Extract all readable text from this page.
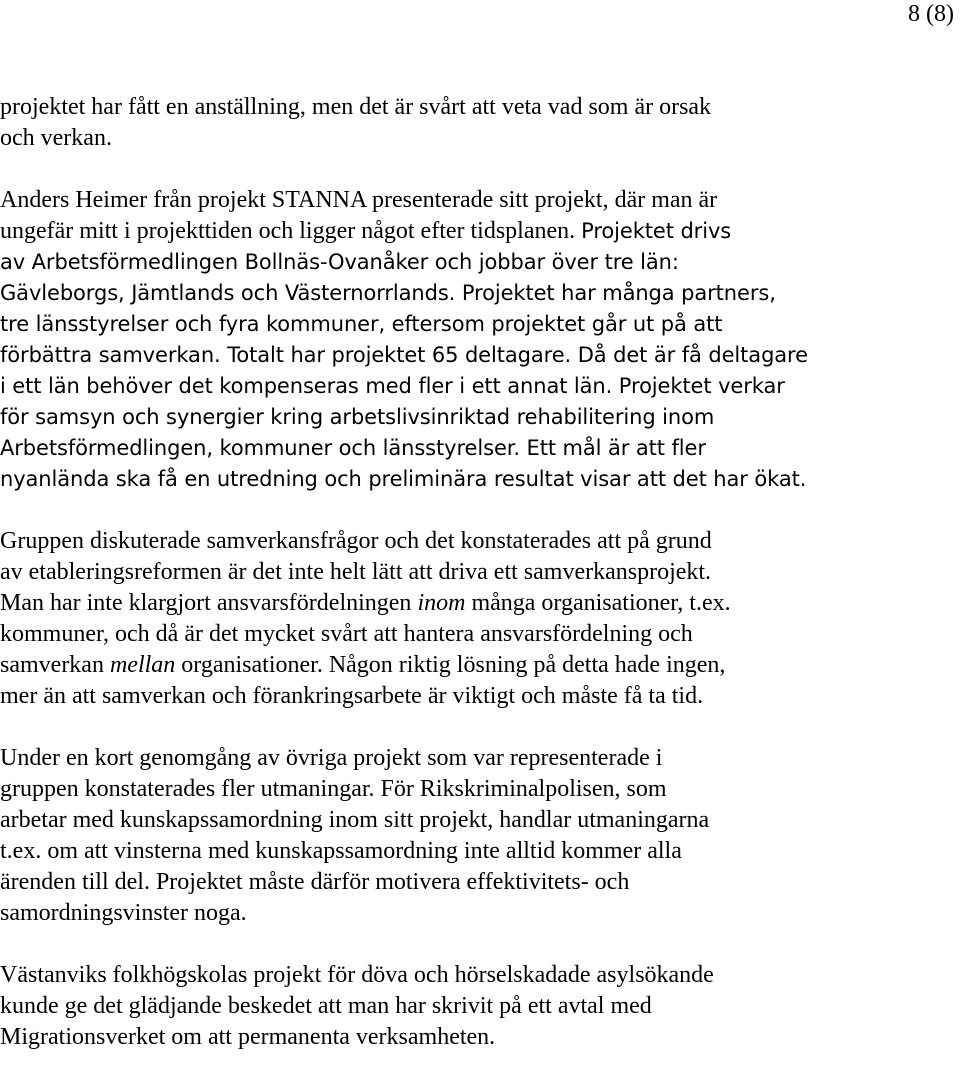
8 (8)

projektet har fått en anställning, men det är svårt att veta vad som är orsak
och verkan.

Anders Heimer från projekt STANNA presenterade sitt projekt, där man är
ungefär mitt i projekttiden och ligger något efter tidsplanen. Projektet drivs
av Arbetsförmedlingen Bollnäs-Ovanåker och jobbar över tre län:
Gävleborgs, Jämtlands och Västernorrlands. Projektet har många partners,
tre länsstyrelser och fyra kommuner, eftersom projektet går ut på att
förbättra samverkan. Totalt har projektet 65 deltagare. Då det är få deltagare
i ett län behöver det kompenseras med fler i ett annat län. Projektet verkar
för samsyn och synergier kring arbetslivsinriktad rehabilitering inom
Arbetsförmedlingen, kommuner och länsstyrelser. Ett mål är att fler
nyanlända ska få en utredning och preliminära resultat visar att det har ökat.

Gruppen diskuterade samverkansfrågor och det konstaterades att på grund
av etableringsreformen är det inte helt lätt att driva ett samverkansprojekt.
Man har inte klargjort ansvarsfördelningen inom många organisationer, t.ex.
kommuner, och då är det mycket svårt att hantera ansvarsfördelning och
samverkan mellan organisationer. Någon riktig lösning på detta hade ingen,
mer än att samverkan och förankringsarbete är viktigt och måste få ta tid.

Under en kort genomgång av övriga projekt som var representerade i
gruppen konstaterades fler utmaningar. För Rikskriminalpolisen, som
arbetar med kunskapssamordning inom sitt projekt, handlar utmaningarna
t.ex. om att vinsterna med kunskapssamordning inte alltid kommer alla
ärenden till del. Projektet måste därför motivera effektivitets- och
samordningsvinster noga.

Västanviks folkhögskolas projekt för döva och hörselskadade asylsökande
kunde ge det glädjande beskedet att man har skrivit på ett avtal med
Migrationsverket om att permanenta verksamheten.
